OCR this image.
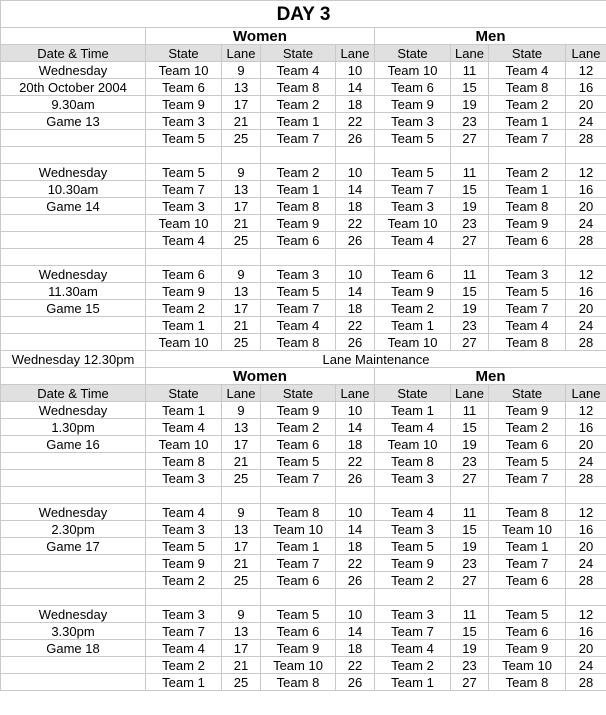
DAY 3								
	Women				Men			
Date & Time	State	Lane	State	Lane	State	Lane	State	Lane
Wednesday	Team 10	9	Team 4	10	Team 10	11	Team 4	12
20th October 2004	Team 6	13	Team 8	14	Team 6	15	Team 8	16
9.30am	Team 9	17	Team 2	18	Team 9	19	Team 2	20
Game 13	Team 3	21	Team 1	22	Team 3	23	Team 1	24
	Team 5	25	Team 7	26	Team 5	27	Team 7	28

Wednesday	Team 5	9	Team 2	10	Team 5	11	Team 2	12
10.30am	Team 7	13	Team 1	14	Team 7	15	Team 1	16
Game 14	Team 3	17	Team 8	18	Team 3	19	Team 8	20
	Team 10	21	Team 9	22	Team 10	23	Team 9	24
	Team 4	25	Team 6	26	Team 4	27	Team 6	28

Wednesday	Team 6	9	Team 3	10	Team 6	11	Team 3	12
11.30am	Team 9	13	Team 5	14	Team 9	15	Team 5	16
Game 15	Team 2	17	Team 7	18	Team 2	19	Team 7	20
	Team 1	21	Team 4	22	Team 1	23	Team 4	24
	Team 10	25	Team 8	26	Team 10	27	Team 8	28
Wednesday 12.30pm	Lane Maintenance							
	Women				Men			
Date & Time	State	Lane	State	Lane	State	Lane	State	Lane
Wednesday	Team 1	9	Team 9	10	Team 1	11	Team 9	12
1.30pm	Team 4	13	Team 2	14	Team 4	15	Team 2	16
Game 16	Team 10	17	Team 6	18	Team 10	19	Team 6	20
	Team 8	21	Team 5	22	Team 8	23	Team 5	24
	Team 3	25	Team 7	26	Team 3	27	Team 7	28

Wednesday	Team 4	9	Team 8	10	Team 4	11	Team 8	12
2.30pm	Team 3	13	Team 10	14	Team 3	15	Team 10	16
Game 17	Team 5	17	Team 1	18	Team 5	19	Team 1	20
	Team 9	21	Team 7	22	Team 9	23	Team 7	24
	Team 2	25	Team 6	26	Team 2	27	Team 6	28

Wednesday	Team 3	9	Team 5	10	Team 3	11	Team 5	12
3.30pm	Team 7	13	Team 6	14	Team 7	15	Team 6	16
Game 18	Team 4	17	Team 9	18	Team 4	19	Team 9	20
	Team 2	21	Team 10	22	Team 2	23	Team 10	24
	Team 1	25	Team 8	26	Team 1	27	Team 8	28
